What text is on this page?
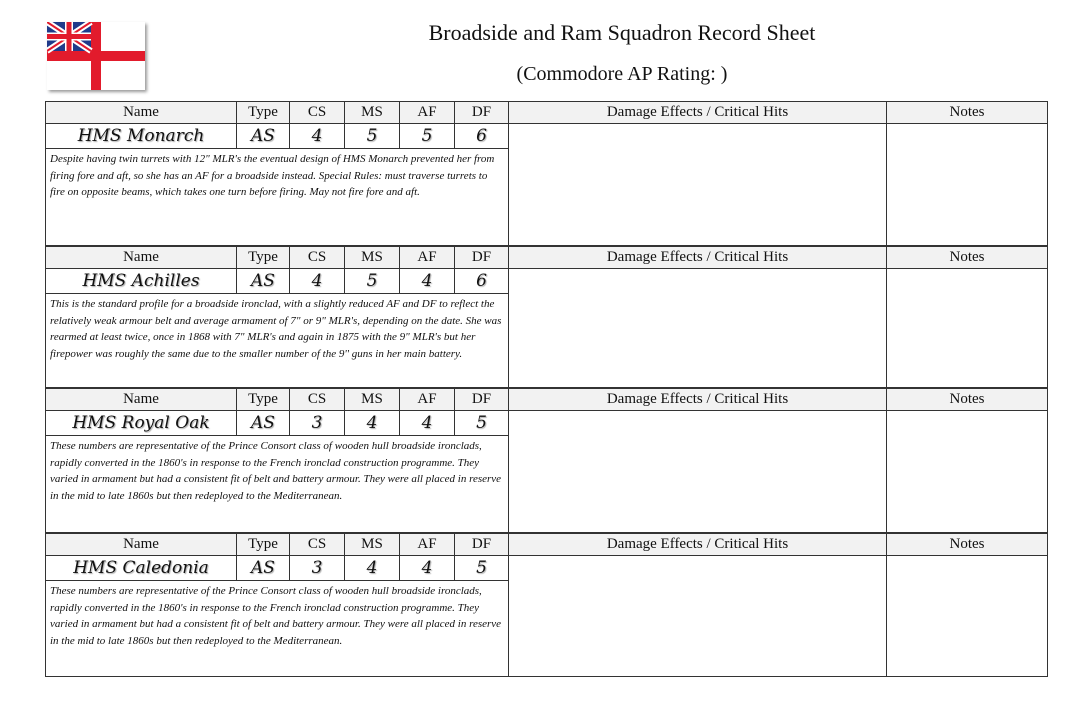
Broadside and Ram Squadron Record Sheet
(Commodore AP Rating: )
Name	Type	CS	MS	AF	DF	Damage Effects / Critical Hits	Notes
HMS Monarch	AS	4	5	5	6		
Despite having twin turrets with 12" MLR's the eventual design of HMS Monarch prevented her from firing fore and aft, so she has an AF for a broadside instead. Special Rules: must traverse turrets to fire on opposite beams, which takes one turn before firing. May not fire fore and aft.							
Name	Type	CS	MS	AF	DF	Damage Effects / Critical Hits	Notes
HMS Achilles	AS	4	5	4	6		
This is the standard profile for a broadside ironclad, with a slightly reduced AF and DF to reflect the relatively weak armour belt and average armament of 7" or 9" MLR's, depending on the date. She was rearmed at least twice, once in 1868 with 7" MLR's and again in 1875 with the 9" MLR's but her firepower was roughly the same due to the smaller number of the 9'' guns in her main battery.							
Name	Type	CS	MS	AF	DF	Damage Effects / Critical Hits	Notes
HMS Royal Oak	AS	3	4	4	5		
These numbers are representative of the Prince Consort class of wooden hull broadside ironclads, rapidly converted in the 1860's in response to the French ironclad construction programme. They varied in armament but had a consistent fit of belt and battery armour. They were all placed in reserve in the mid to late 1860s but then redeployed to the Mediterranean.							
Name	Type	CS	MS	AF	DF	Damage Effects / Critical Hits	Notes
HMS Caledonia	AS	3	4	4	5		
These numbers are representative of the Prince Consort class of wooden hull broadside ironclads, rapidly converted in the 1860's in response to the French ironclad construction programme. They varied in armament but had a consistent fit of belt and battery armour. They were all placed in reserve in the mid to late 1860s but then redeployed to the Mediterranean.							
